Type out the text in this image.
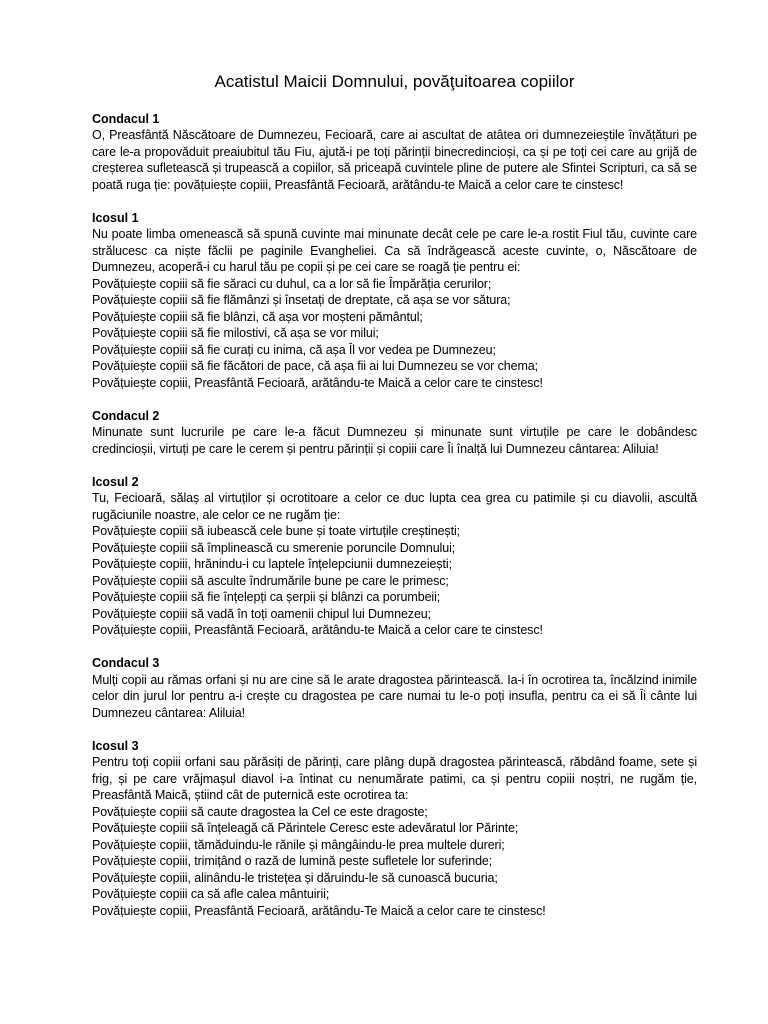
Acatistul Maicii Domnului, povăţuitoarea copiilor

Condacul 1

O, Preasfântă Născătoare de Dumnezeu, Fecioară, care ai ascultat de atâtea ori dumnezeieștile învățături pe care le-a propovăduit preaiubitul tău Fiu, ajută-i pe toți părinții binecredincioși, ca și pe toți cei care au grijă de creșterea sufletească și trupească a copiilor, să priceapă cuvintele pline de putere ale Sfintei Scripturi, ca să se poată ruga ție: povățuiește copiii, Preasfântă Fecioară, arătându-te Maică a celor care te cinstesc!

Icosul 1

Nu poate limba omenească să spună cuvinte mai minunate decât cele pe care le-a rostit Fiul tău, cuvinte care strălucesc ca niște făclii pe paginile Evangheliei. Ca să îndrăgească aceste cuvinte, o, Născătoare de Dumnezeu, acoperă-i cu harul tău pe copii și pe cei care se roagă ție pentru ei:

Povățuiește copiii să fie săraci cu duhul, ca a lor să fie Împărăția cerurilor;

Povățuiește copiii să fie flămânzi și însetați de dreptate, că așa se vor sătura;

Povățuiește copiii să fie blânzi, că așa vor moșteni pământul;

Povățuiește copiii să fie milostivi, că așa se vor milui;

Povățuiește copiii să fie curați cu inima, că așa Îl vor vedea pe Dumnezeu;

Povățuiește copiii să fie făcători de pace, că așa fii ai lui Dumnezeu se vor chema;

Povățuiește copiii, Preasfântă Fecioară, arătându-te Maică a celor care te cinstesc!

Condacul 2

Minunate sunt lucrurile pe care le-a făcut Dumnezeu și minunate sunt virtuțile pe care le dobândesc credincioșii, virtuți pe care le cerem și pentru părinții și copiii care Îi înalță lui Dumnezeu cântarea: Aliluia!

Icosul 2

Tu, Fecioară, sălaș al virtuților și ocrotitoare a celor ce duc lupta cea grea cu patimile și cu diavolii, ascultă rugăciunile noastre, ale celor ce ne rugăm ție:

Povățuiește copiii să iubească cele bune și toate virtuțile creștinești;

Povățuiește copiii să împlinească cu smerenie poruncile Domnului;

Povățuiește copiii, hrănindu-i cu laptele înțelepciunii dumnezeiești;

Povățuiește copiii să asculte îndrumările bune pe care le primesc;

Povățuiește copiii să fie înțelepți ca șerpii și blânzi ca porumbeii;

Povățuiește copiii să vadă în toți oamenii chipul lui Dumnezeu;

Povățuiește copiii, Preasfântă Fecioară, arătându-te Maică a celor care te cinstesc!

Condacul 3

Mulți copii au rămas orfani și nu are cine să le arate dragostea părintească. Ia-i în ocrotirea ta, încălzind inimile celor din jurul lor pentru a-i crește cu dragostea pe care numai tu le-o poți insufla, pentru ca ei să Îi cânte lui Dumnezeu cântarea: Aliluia!

Icosul 3

Pentru toți copiii orfani sau părăsiți de părinți, care plâng după dragostea părintească, răbdând foame, sete și frig, și pe care vrăjmașul diavol i-a întinat cu nenumărate patimi, ca și pentru copiii noștri, ne rugăm ție, Preasfântă Maică, știind cât de puternică este ocrotirea ta:

Povățuiește copiii să caute dragostea la Cel ce este dragoste;

Povățuiește copiii să înțeleagă că Părintele Ceresc este adevăratul lor Părinte;

Povățuiește copiii, tămăduindu-le rănile și mângâindu-le prea multele dureri;

Povățuiește copiii, trimițând o rază de lumină peste sufletele lor suferinde;

Povățuiește copiii, alinându-le tristețea și dăruindu-le să cunoască bucuria;

Povățuiește copiii ca să afle calea mântuirii;

Povățuiește copiii, Preasfântă Fecioară, arătându-Te Maică a celor care te cinstesc!
